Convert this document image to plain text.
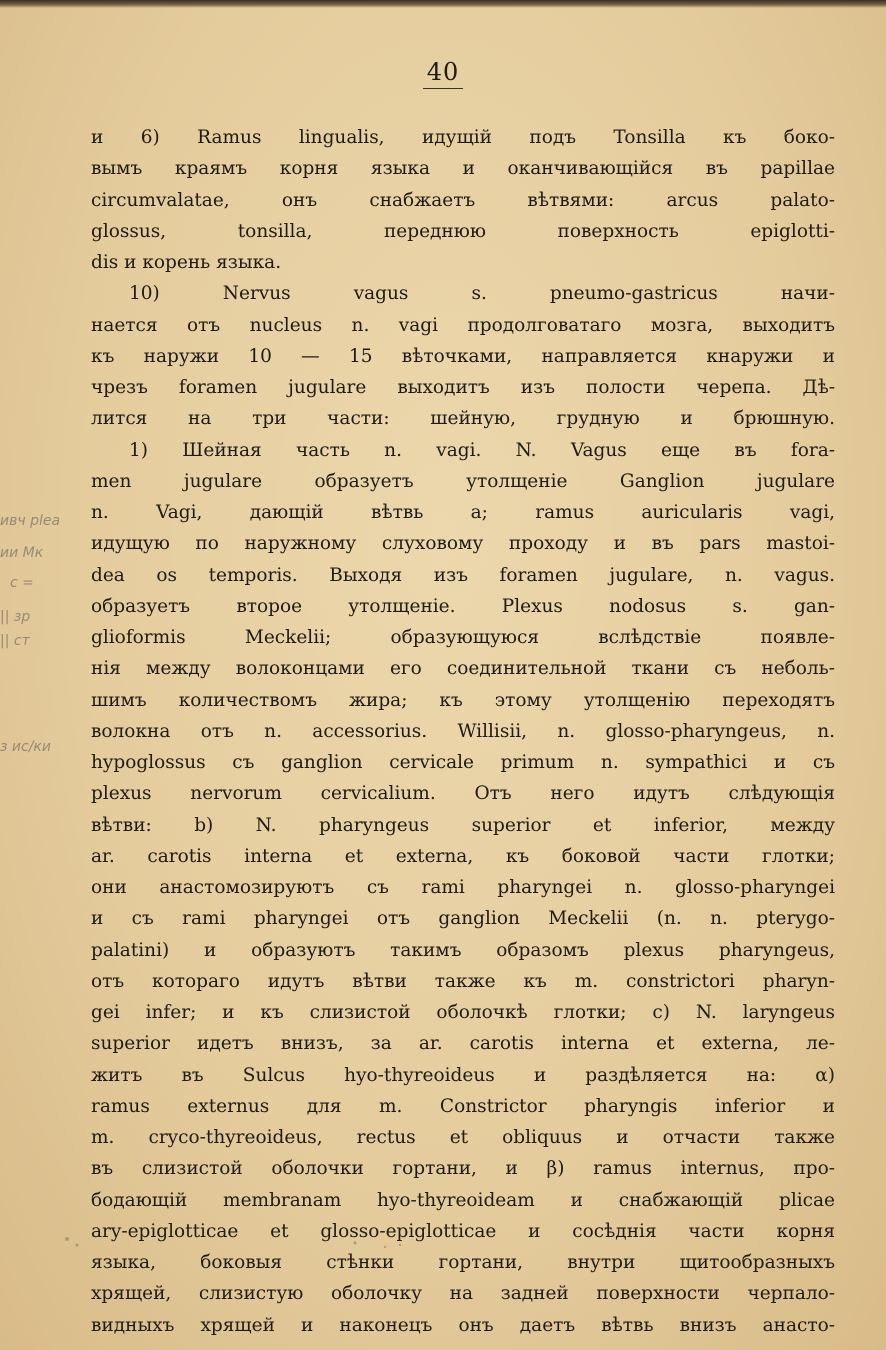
40
ивч plea
ии Мк
с =
|| зр
|| ст
з ис/ки
и 6) Ramus lingualis, идущій подъ Tonsilla къ боко-
вымъ краямъ корня языка и оканчивающійся въ papillae
circumvalatae, онъ снабжаетъ вѣтвями: arcus palato-
glossus, tonsilla, переднюю поверхность epiglotti-
dis и корень языка.
10) Nervus vagus s. pneumo-gastricus начи-
нается отъ nucleus n. vagi продолговатаго мозга, выходитъ
къ наружи 10 — 15 вѣточками, направляется кнаружи и
чрезъ foramen jugulare выходитъ изъ полости черепа. Дѣ-
лится на три части: шейную, грудную и брюшную.
1) Шейная часть n. vagi. N. Vagus еще въ fora-
men jugulare образуетъ утолщеніе Ganglion jugulare
n. Vagi, дающій вѣтвь а; ramus auricularis vagi,
идущую по наружному слуховому проходу и въ pars mastoi-
dea os temporis. Выходя изъ foramen jugulare, n. vagus.
образуетъ второе утолщеніе. Plexus nodosus s. gan-
glioformis Meckelii; образующуюся вслѣдствіе появле-
нія между волоконцами его соединительной ткани съ неболь-
шимъ количествомъ жира; къ этому утолщенію переходятъ
волокна отъ n. accessorius. Willisii, n. glosso-pharyngeus, n.
hypoglossus съ ganglion cervicale primum n. sympathici и съ
plexus nervorum cervicalium. Отъ него идутъ слѣдующія
вѣтви: b) N. pharyngeus superior et inferior, между
ar. carotis interna et externa, къ боковой части глотки;
они анастомозируютъ съ rami pharyngei n. glosso-pharyngei
и съ rami pharyngei отъ ganglion Meckelii (n. n. pterygo-
palatini) и образуютъ такимъ образомъ plexus pharyngeus,
отъ котораго идутъ вѣтви также къ m. constrictori pharyn-
gei infer; и къ слизистой оболочкѣ глотки; с) N. laryngeus
superior идетъ внизъ, за ar. carotis interna et externa, ле-
житъ въ Sulcus hyo-thyreoideus и раздѣляется на: α)
ramus externus для m. Constrictor pharyngis inferior и
m. cryco-thyreoideus, rectus et obliquus и отчасти также
въ слизистой оболочки гортани, и β) ramus internus, про-
бодающій membranam hyo-thyreoideam и снабжающій plicae
ary-epiglotticae et glosso-epiglotticae и сосѣднія части корня
языка, боковыя стѣнки гортани, внутри щитообразныхъ
хрящей, слизистую оболочку на задней поверхности черпало-
видныхъ хрящей и наконецъ онъ даетъ вѣтвь внизъ анасто-
